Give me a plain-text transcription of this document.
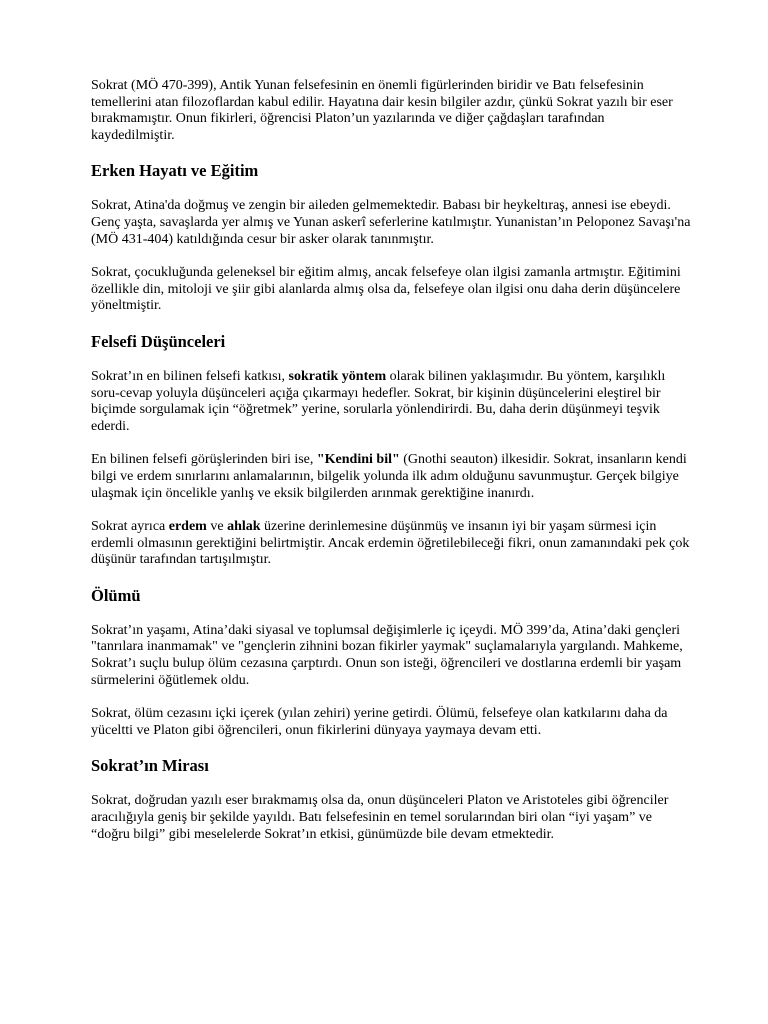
Sokrat (MÖ 470-399), Antik Yunan felsefesinin en önemli figürlerinden biridir ve Batı felsefesinin temellerini atan filozoflardan kabul edilir. Hayatına dair kesin bilgiler azdır, çünkü Sokrat yazılı bir eser bırakmamıştır. Onun fikirleri, öğrencisi Platon’un yazılarında ve diğer çağdaşları tarafından kaydedilmiştir.

Erken Hayatı ve Eğitim

Sokrat, Atina'da doğmuş ve zengin bir aileden gelmemektedir. Babası bir heykeltıraş, annesi ise ebeydi. Genç yaşta, savaşlarda yer almış ve Yunan askerî seferlerine katılmıştır. Yunanistan’ın Peloponez Savaşı'na (MÖ 431-404) katıldığında cesur bir asker olarak tanınmıştır.

Sokrat, çocukluğunda geleneksel bir eğitim almış, ancak felsefeye olan ilgisi zamanla artmıştır. Eğitimini özellikle din, mitoloji ve şiir gibi alanlarda almış olsa da, felsefeye olan ilgisi onu daha derin düşüncelere yöneltmiştir.

Felsefi Düşünceleri

Sokrat’ın en bilinen felsefi katkısı, sokratik yöntem olarak bilinen yaklaşımıdır. Bu yöntem, karşılıklı soru-cevap yoluyla düşünceleri açığa çıkarmayı hedefler. Sokrat, bir kişinin düşüncelerini eleştirel bir biçimde sorgulamak için “öğretmek” yerine, sorularla yönlendirirdi. Bu, daha derin düşünmeyi teşvik ederdi.

En bilinen felsefi görüşlerinden biri ise, "Kendini bil" (Gnothi seauton) ilkesidir. Sokrat, insanların kendi bilgi ve erdem sınırlarını anlamalarının, bilgelik yolunda ilk adım olduğunu savunmuştur. Gerçek bilgiye ulaşmak için öncelikle yanlış ve eksik bilgilerden arınmak gerektiğine inanırdı.

Sokrat ayrıca erdem ve ahlak üzerine derinlemesine düşünmüş ve insanın iyi bir yaşam sürmesi için erdemli olmasının gerektiğini belirtmiştir. Ancak erdemin öğretilebileceği fikri, onun zamanındaki pek çok düşünür tarafından tartışılmıştır.

Ölümü

Sokrat’ın yaşamı, Atina’daki siyasal ve toplumsal değişimlerle iç içeydi. MÖ 399’da, Atina’daki gençleri "tanrılara inanmamak" ve "gençlerin zihnini bozan fikirler yaymak" suçlamalarıyla yargılandı. Mahkeme, Sokrat’ı suçlu bulup ölüm cezasına çarptırdı. Onun son isteği, öğrencileri ve dostlarına erdemli bir yaşam sürmelerini öğütlemek oldu.

Sokrat, ölüm cezasını içki içerek (yılan zehiri) yerine getirdi. Ölümü, felsefeye olan katkılarını daha da yüceltti ve Platon gibi öğrencileri, onun fikirlerini dünyaya yaymaya devam etti.

Sokrat’ın Mirası

Sokrat, doğrudan yazılı eser bırakmamış olsa da, onun düşünceleri Platon ve Aristoteles gibi öğrenciler aracılığıyla geniş bir şekilde yayıldı. Batı felsefesinin en temel sorularından biri olan “iyi yaşam” ve “doğru bilgi” gibi meselelerde Sokrat’ın etkisi, günümüzde bile devam etmektedir.
